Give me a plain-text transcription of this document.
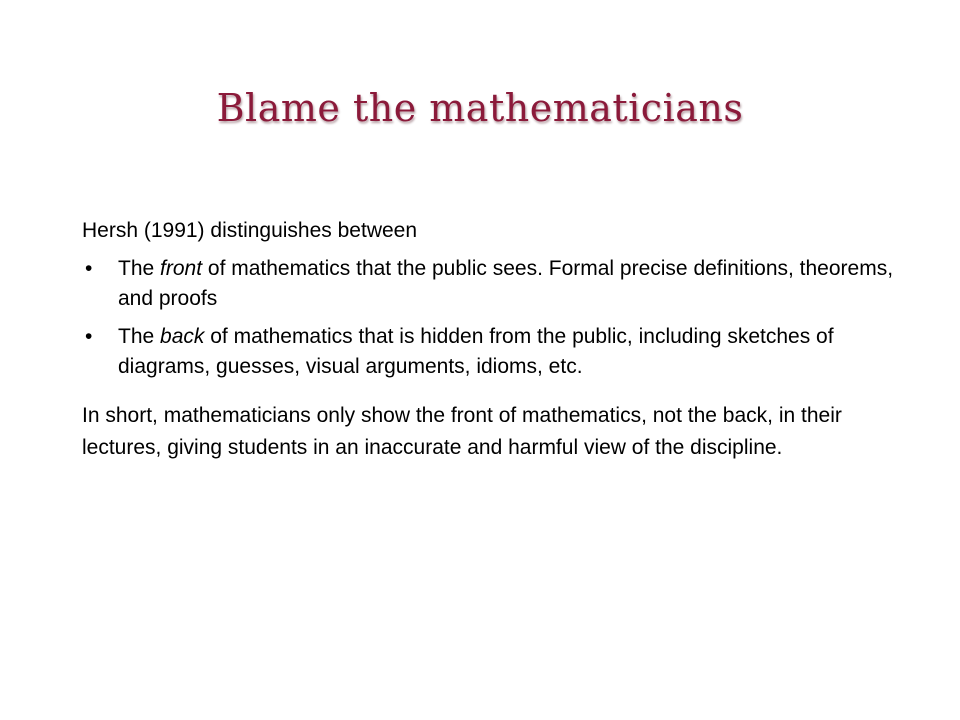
Blame the mathematicians

Hersh (1991) distinguishes between

• The front of mathematics that the public sees. Formal precise definitions, theorems, and proofs
• The back of mathematics that is hidden from the public, including sketches of diagrams, guesses, visual arguments, idioms, etc.

In short, mathematicians only show the front of mathematics, not the back, in their lectures, giving students in an inaccurate and harmful view of the discipline.
